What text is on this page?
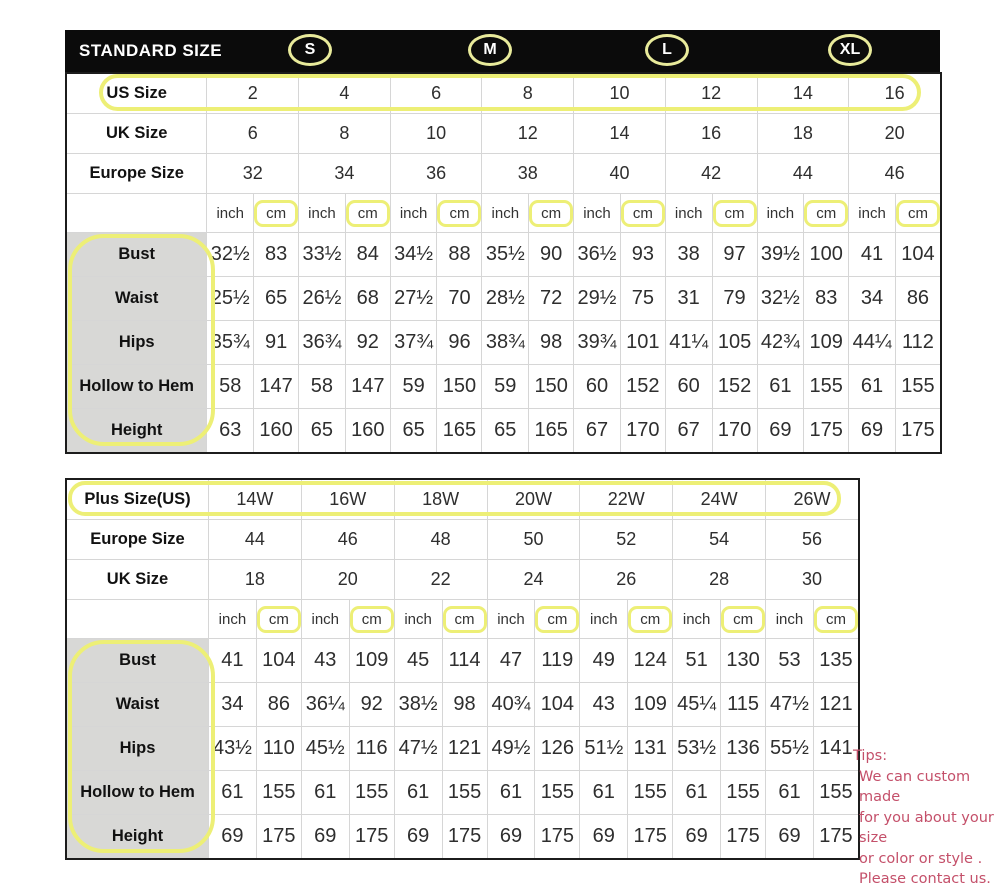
STANDARD SIZE	S	M	L	XL
US Size	2		4		6		8		10		12		14		16	
UK Size	6		8		10		12		14		16		18		20	
Europe Size	32		34		36		38		40		42		44		46	
	inch	cm	inch	cm	inch	cm	inch	cm	inch	cm	inch	cm	inch	cm	inch	cm
Bust	32½	83	33½	84	34½	88	35½	90	36½	93	38	97	39½	100	41	104
Waist	25½	65	26½	68	27½	70	28½	72	29½	75	31	79	32½	83	34	86
Hips	35¾	91	36¾	92	37¾	96	38¾	98	39¾	101	41¼	105	42¾	109	44¼	112
Hollow to Hem	58	147	58	147	59	150	59	150	60	152	60	152	61	155	61	155
Height	63	160	65	160	65	165	65	165	67	170	67	170	69	175	69	175
Plus Size(US)	14W		16W		18W		20W		22W		24W		26W	
Europe Size	44		46		48		50		52		54		56	
UK Size	18		20		22		24		26		28		30	
	inch	cm	inch	cm	inch	cm	inch	cm	inch	cm	inch	cm	inch	cm
Bust	41	104	43	109	45	114	47	119	49	124	51	130	53	135
Waist	34	86	36¼	92	38½	98	40¾	104	43	109	45¼	115	47½	121
Hips	43½	110	45½	116	47½	121	49½	126	51½	131	53½	136	55½	141
Hollow to Hem	61	155	61	155	61	155	61	155	61	155	61	155	61	155
Height	69	175	69	175	69	175	69	175	69	175	69	175	69	175
Tips:
We can custom made
for you about your size
or color or style .
Please contact us.
